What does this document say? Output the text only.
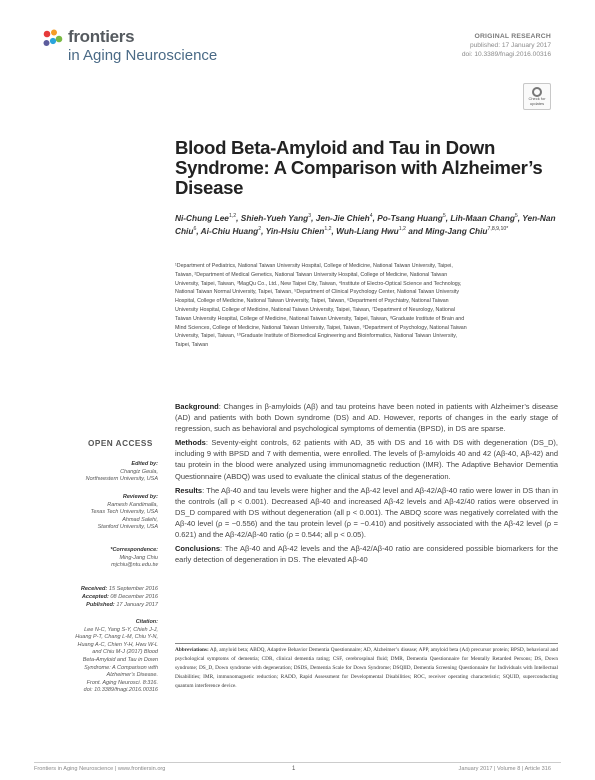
frontiers
in Aging Neuroscience
ORIGINAL RESEARCH
published: 17 January 2017
doi: 10.3389/fnagi.2016.00316
Check for updates
Blood Beta-Amyloid and Tau in Down Syndrome: A Comparison with Alzheimer’s Disease
Ni-Chung Lee$^{1,2}$, Shieh-Yueh Yang$^3$, Jen-Jie Chieh$^4$, Po-Tsang Huang$^5$, Lih-Maan Chang$^5$, Yen-Nan Chiu$^6$, Ai-Chiu Huang$^2$, Yin-Hsiu Chien$^{1,2}$, Wuh-Liang Hwu$^{1,2}$ and Ming-Jang Chiu$^{7,8,9,10*}$
¹Department of Pediatrics, National Taiwan University Hospital, College of Medicine, National Taiwan University, Taipei,
Taiwan, ²Department of Medical Genetics, National Taiwan University Hospital, College of Medicine, National Taiwan
University, Taipei, Taiwan, ³MagQu Co., Ltd., New Taipei City, Taiwan, ⁴Institute of Electro-Optical Science and Technology,
National Taiwan Normal University, Taipei, Taiwan, ⁵Department of Clinical Psychology Center, National Taiwan University
Hospital, College of Medicine, National Taiwan University, Taipei, Taiwan, ⁶Department of Psychiatry, National Taiwan
University Hospital, College of Medicine, National Taiwan University, Taipei, Taiwan, ⁷Department of Neurology, National
Taiwan University Hospital, College of Medicine, National Taiwan University, Taipei, Taiwan, ⁸Graduate Institute of Brain and
Mind Sciences, College of Medicine, National Taiwan University, Taipei, Taiwan, ⁹Department of Psychology, National Taiwan
University, Taipei, Taiwan, ¹⁰Graduate Institute of Biomedical Engineering and Bioinformatics, National Taiwan University,
Taipei, Taiwan

Background: Changes in β-amyloids (Aβ) and tau proteins have been noted in patients with Alzheimer’s disease (AD) and patients with both Down syndrome (DS) and AD. However, reports of changes in the early stage of regression, such as behavioral and psychological symptoms of dementia (BPSD), in DS are sparse.

Methods: Seventy-eight controls, 62 patients with AD, 35 with DS and 16 with DS with degeneration (DS_D), including 9 with BPSD and 7 with dementia, were enrolled. The levels of β-amyloids 40 and 42 (Aβ-40, Aβ-42) and tau protein in the blood were analyzed using immunomagnetic reduction (IMR). The Adaptive Behavior Dementia Questionnaire (ABDQ) was used to evaluate the clinical status of the degeneration.

Results: The Aβ-40 and tau levels were higher and the Aβ-42 level and Aβ-42/Aβ-40 ratio were lower in DS than in the controls (all p < 0.001). Decreased Aβ-40 and increased Aβ-42 levels and Aβ-42/40 ratios were observed in DS_D compared with DS without degeneration (all p < 0.001). The ABDQ score was negatively correlated with the Aβ-40 level (ρ = −0.556) and the tau protein level (ρ = −0.410) and positively associated with the Aβ-42 level (ρ = 0.621) and the Aβ-42/Aβ-40 ratio (ρ = 0.544; all p < 0.05).

Conclusions: The Aβ-40 and Aβ-42 levels and the Aβ-42/Aβ-40 ratio are considered possible biomarkers for the early detection of degeneration in DS. The elevated Aβ-40

OPEN ACCESS
Edited by:
Changiz Geula,
Northwestern University, USA
Reviewed by:
Ramesh Kandimalla,
Texas Tech University, USA
Ahmad Salehi,
Stanford University, USA
*Correspondence:
Ming-Jang Chiu
mjchiu@ntu.edu.tw
Received: 15 September 2016
Accepted: 08 December 2016
Published: 17 January 2017
Citation:
Lee N-C, Yang S-Y, Chieh J-J,
Huang P-T, Chang L-M, Chiu Y-N,
Huang A-C, Chien Y-H, Hwu W-L
and Chiu M-J (2017) Blood
Beta-Amyloid and Tau in Down
Syndrome: A Comparison with
Alzheimer’s Disease.
Front. Aging Neurosci. 8:316.
doi: 10.3389/fnagi.2016.00316
Abbreviations: Aβ, amyloid beta; ABDQ, Adaptive Behavior Dementia Questionnaire; AD, Alzheimer’s disease; APP, amyloid beta (A4) precursor protein; BPSD, behavioral and psychological symptoms of dementia; CDR, clinical dementia rating; CSF, cerebrospinal fluid; DMR, Dementia Questionnaire for Mentally Retarded Persons; DS, Down syndrome; DS_D, Down syndrome with degeneration; DSDS, Dementia Scale for Down Syndrome; DSQIID, Dementia Screening Questionnaire for Individuals with Intellectual Disabilities; IMR, immunomagnetic reduction; RADD, Rapid Assessment for Developmental Disabilities; ROC, receiver operating characteristic; SQUID, superconducting quantum interference device.
Frontiers in Aging Neuroscience | www.frontiersin.org	1	January 2017 | Volume 8 | Article 316
